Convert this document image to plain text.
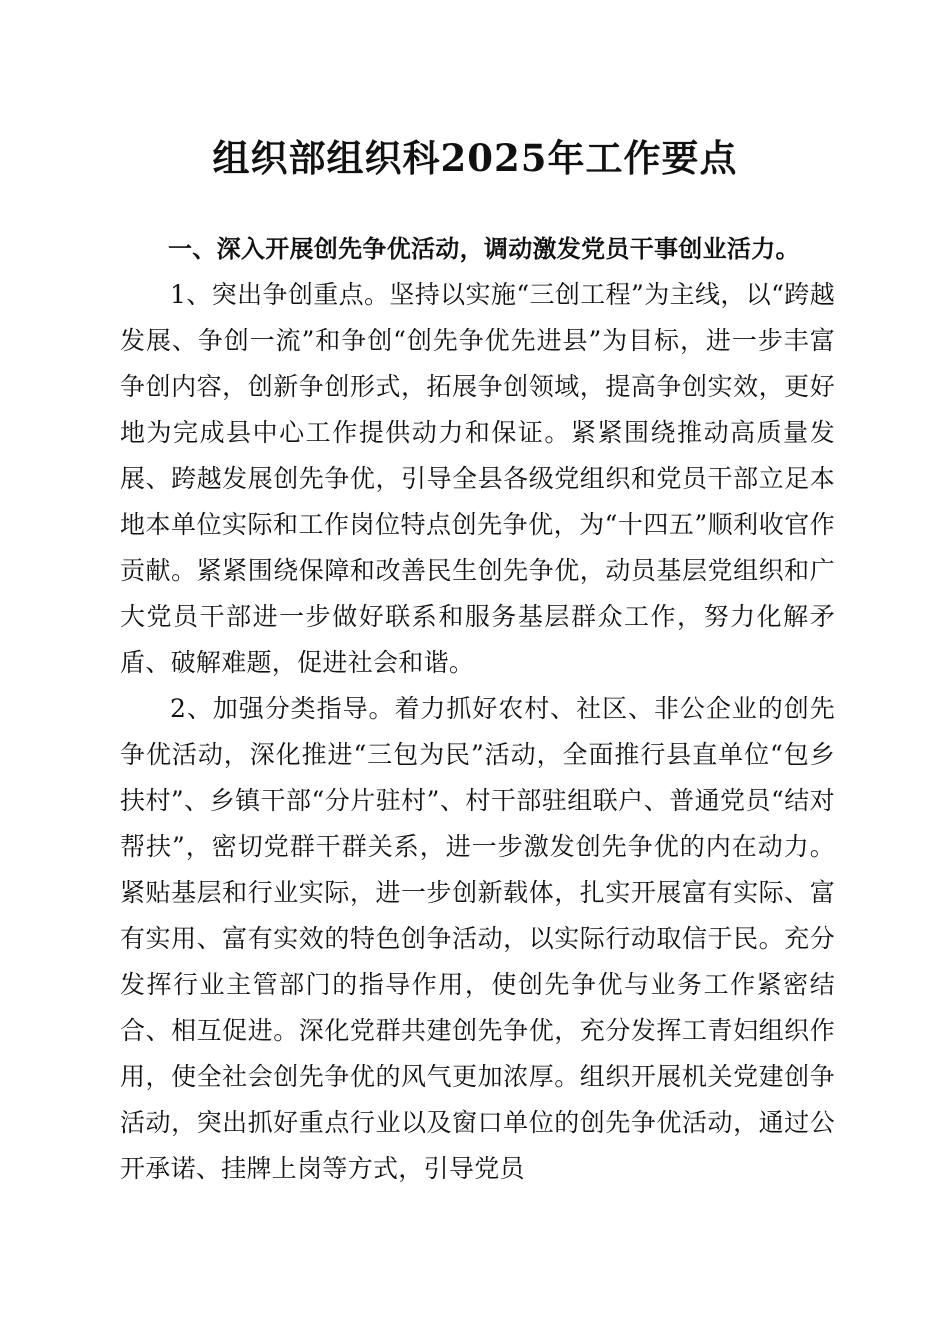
组织部组织科2025年工作要点

一、深入开展创先争优活动，调动激发党员干事创业活力。

1、突出争创重点。坚持以实施“三创工程”为主线，以“跨越发展、争创一流”和争创“创先争优先进县”为目标，进一步丰富争创内容，创新争创形式，拓展争创领域，提高争创实效，更好地为完成县中心工作提供动力和保证。紧紧围绕推动高质量发展、跨越发展创先争优，引导全县各级党组织和党员干部立足本地本单位实际和工作岗位特点创先争优，为“十四五”顺利收官作贡献。紧紧围绕保障和改善民生创先争优，动员基层党组织和广大党员干部进一步做好联系和服务基层群众工作，努力化解矛盾、破解难题，促进社会和谐。

2、加强分类指导。着力抓好农村、社区、非公企业的创先争优活动，深化推进“三包为民”活动，全面推行县直单位“包乡扶村”、乡镇干部“分片驻村”、村干部驻组联户、普通党员“结对帮扶”，密切党群干群关系，进一步激发创先争优的内在动力。紧贴基层和行业实际，进一步创新载体，扎实开展富有实际、富有实用、富有实效的特色创争活动，以实际行动取信于民。充分发挥行业主管部门的指导作用，使创先争优与业务工作紧密结合、相互促进。深化党群共建创先争优，充分发挥工青妇组织作用，使全社会创先争优的风气更加浓厚。组织开展机关党建创争活动，突出抓好重点行业以及窗口单位的创先争优活动，通过公开承诺、挂牌上岗等方式，引导党员
